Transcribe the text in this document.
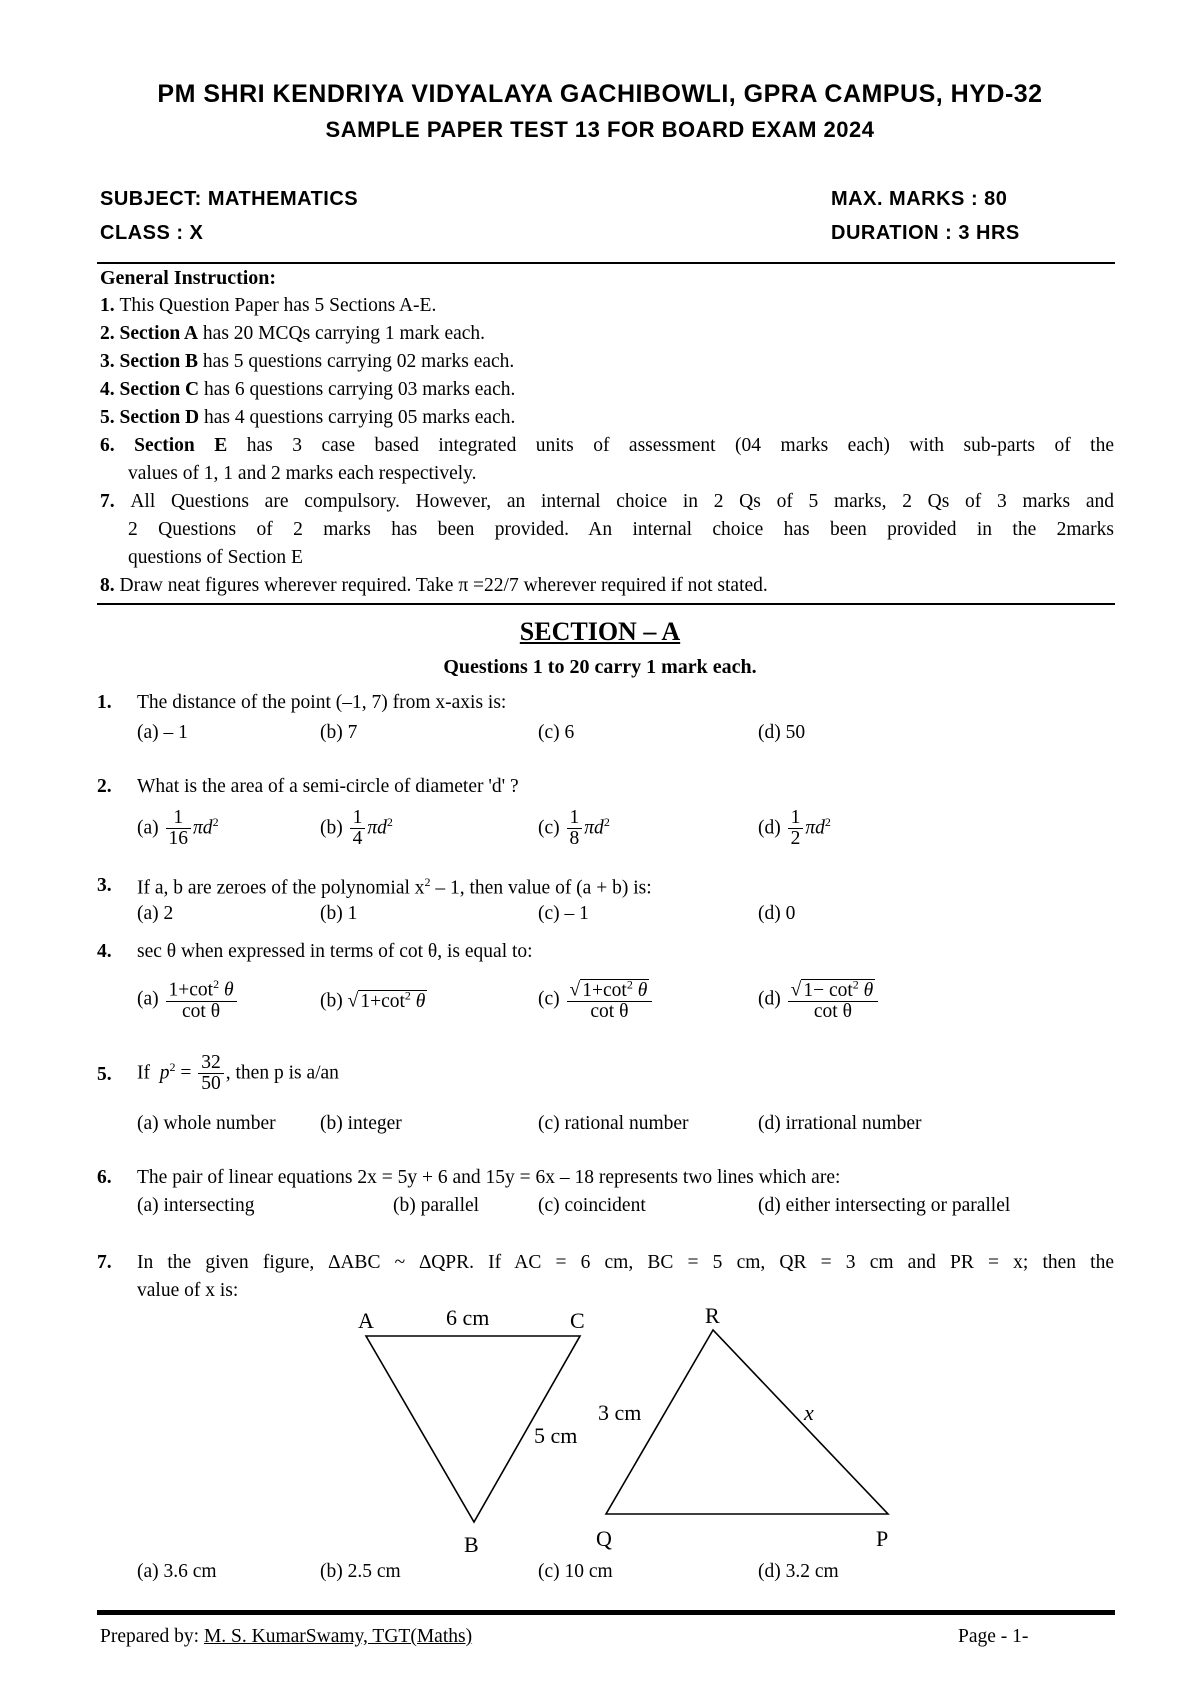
PM SHRI KENDRIYA VIDYALAYA GACHIBOWLI, GPRA CAMPUS, HYD-32
SAMPLE PAPER TEST 13 FOR BOARD EXAM 2024
SUBJECT: MATHEMATICS
CLASS : X
MAX. MARKS : 80
DURATION : 3 HRS
General Instruction:
1. This Question Paper has 5 Sections A-E.
2. Section A has 20 MCQs carrying 1 mark each.
3. Section B has 5 questions carrying 02 marks each.
4. Section C has 6 questions carrying 03 marks each.
5. Section D has 4 questions carrying 05 marks each.
6. Section E has 3 case based integrated units of assessment (04 marks each) with sub-parts of the
values of 1, 1 and 2 marks each respectively.
7. All Questions are compulsory. However, an internal choice in 2 Qs of 5 marks, 2 Qs of 3 marks and
2 Questions of 2 marks has been provided. An internal choice has been provided in the 2marks
questions of Section E
8. Draw neat figures wherever required. Take π =22/7 wherever required if not stated.
SECTION – A
Questions 1 to 20 carry 1 mark each.
1. The distance of the point (–1, 7) from x-axis is:
(a) – 1	(b) 7	(c) 6	(d) 50
2. What is the area of a semi-circle of diameter 'd' ?
$(a) \frac{1}{16} \pi d^2$	$(b) \frac{1}{4} \pi d^2$	$(c) \frac{1}{8} \pi d^2$	$(d) \frac{1}{2} \pi d^2$
3. If a, b are zeroes of the polynomial $x^2 - 1$, then value of (a + b) is:
(a) 2	(b) 1	(c) – 1	(d) 0
4. sec θ when expressed in terms of cot θ, is equal to:
$(a) \frac{1+\cot^2 \theta}{\text{cot θ}}$	(b) √ $1+\cot^2$ θ	$(c) \frac{√ 1+\cot^2 \theta}{\text{cot θ}}$	$(d) \frac{√ 1- \cot^2 \theta}{\text{cot θ}}$
5. If $p^2 = \frac{32}{50}$ , then p is a/an
(a) whole number (b) integer	(c) rational number	(d) irrational number
6. The pair of linear equations 2x = 5y + 6 and 15y = 6x – 18 represents two lines which are:
(a) intersecting	(b) parallel	(c) coincident	(d) either intersecting or parallel
7. In the given figure, ∆ABC ~ ∆QPR. If AC = 6 cm, BC = 5 cm, QR = 3 cm and PR = x; then the
value of x is:
A	C
B
6 cm
5 cm
R
Q	P
3 cm	x
(a) 3.6 cm	(b) 2.5 cm	(c) 10 cm	(d) 3.2 cm
Prepared by: M. S. KumarSwamy, TGT(Maths)	Page - 1-
